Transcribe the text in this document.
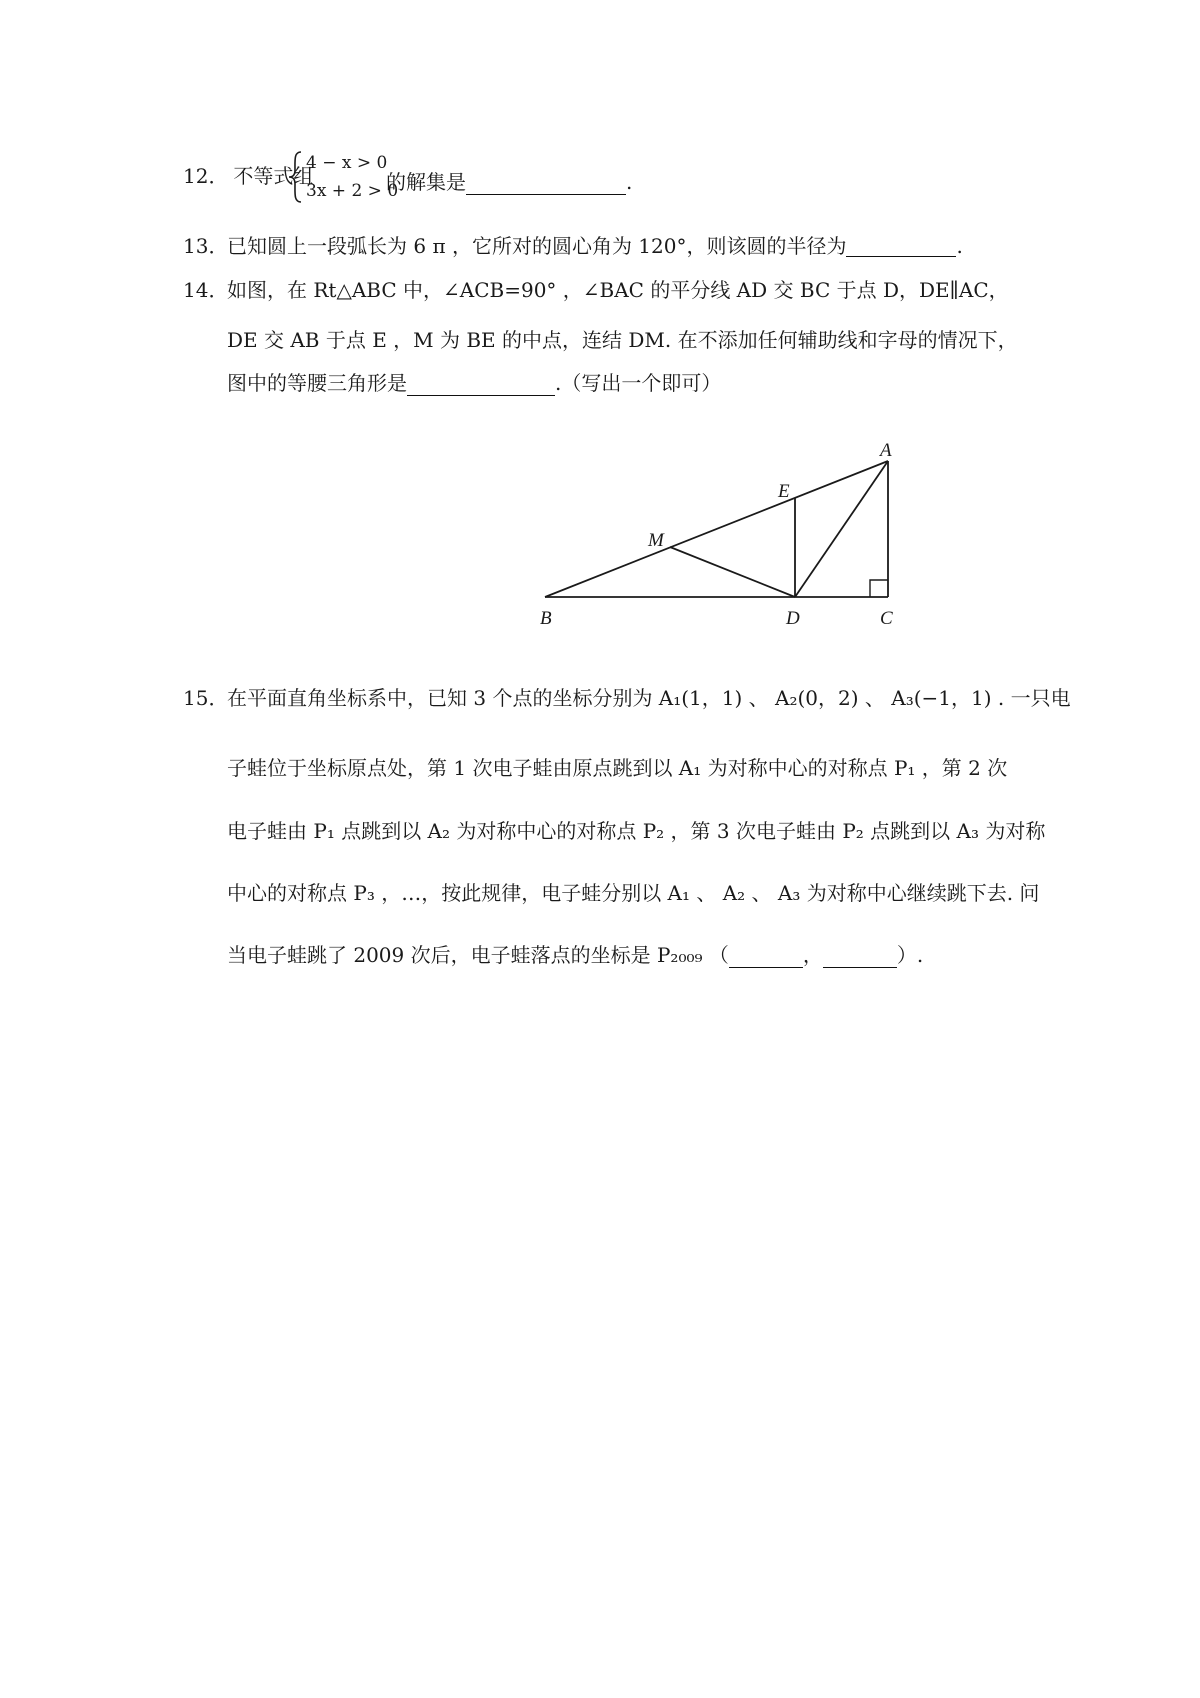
12． 不等式组
4 − x > 0
3x + 2 > 0
的解集是	.
13．已知圆上一段弧长为 6 π ，它所对的圆心角为 120°，则该圆的半径为	.
14．如图，在 Rt△ABC 中，∠ACB=90° ，∠BAC 的平分线 AD 交 BC 于点 D，DE∥AC，
DE 交 AB 于点 E ，M 为 BE 的中点，连结 DM. 在不添加任何辅助线和字母的情况下，
图中的等腰三角形是	.（写出一个即可）
A
B	C
D
E
M
15．在平面直角坐标系中，已知 3 个点的坐标分别为 A₁(1，1) 、 A₂(0，2) 、 A₃(−1，1) . 一只电
子蛙位于坐标原点处，第 1 次电子蛙由原点跳到以 A₁ 为对称中心的对称点 P₁ ，第 2 次
电子蛙由 P₁ 点跳到以 A₂ 为对称中心的对称点 P₂ ，第 3 次电子蛙由 P₂ 点跳到以 A₃ 为对称
中心的对称点 P₃ ，…，按此规律，电子蛙分别以 A₁ 、 A₂ 、 A₃ 为对称中心继续跳下去. 问
当电子蛙跳了 2009 次后，电子蛙落点的坐标是 P₂₀₀₉ （	，	）.
